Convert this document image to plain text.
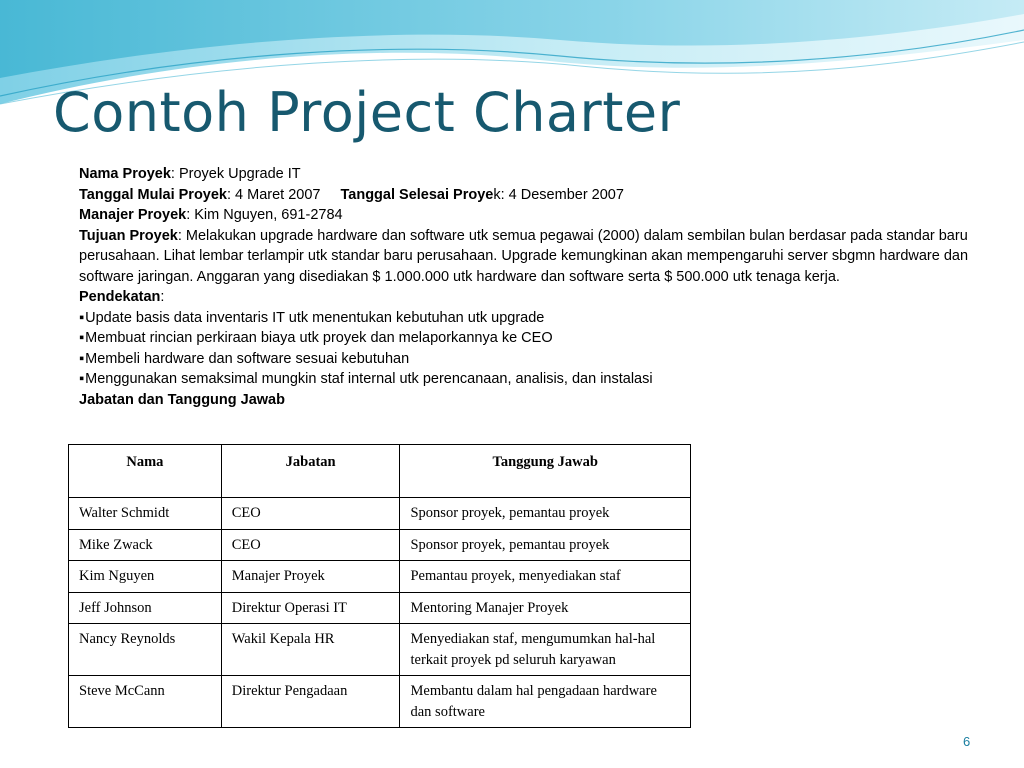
Contoh Project Charter

Nama Proyek: Proyek Upgrade IT

Tanggal Mulai Proyek: 4 Maret 2007 Tanggal Selesai Proyek: 4 Desember 2007

Manajer Proyek: Kim Nguyen, 691-2784

Tujuan Proyek: Melakukan upgrade hardware dan software utk semua pegawai (2000) dalam sembilan bulan berdasar pada standar baru perusahaan. Lihat lembar terlampir utk standar baru perusahaan. Upgrade kemungkinan akan mempengaruhi server sbgmn hardware dan software jaringan. Anggaran yang disediakan $ 1.000.000 utk hardware dan software serta $ 500.000 utk tenaga kerja.

Pendekatan:

▪ Update basis data inventaris IT utk menentukan kebutuhan utk upgrade

▪ Membuat rincian perkiraan biaya utk proyek dan melaporkannya ke CEO

▪ Membeli hardware dan software sesuai kebutuhan

▪ Menggunakan semaksimal mungkin staf internal utk perencanaan, analisis, dan instalasi

Jabatan dan Tanggung Jawab

Nama	Jabatan	Tanggung Jawab
Walter Schmidt	CEO	Sponsor proyek, pemantau proyek
Mike Zwack	CEO	Sponsor proyek, pemantau proyek
Kim Nguyen	Manajer Proyek	Pemantau proyek, menyediakan staf
Jeff Johnson	Direktur Operasi IT	Mentoring Manajer Proyek
Nancy Reynolds	Wakil Kepala HR	Menyediakan staf, mengumumkan hal-hal terkait proyek pd seluruh karyawan
Steve McCann	Direktur Pengadaan	Membantu dalam hal pengadaan hardware dan software
6
